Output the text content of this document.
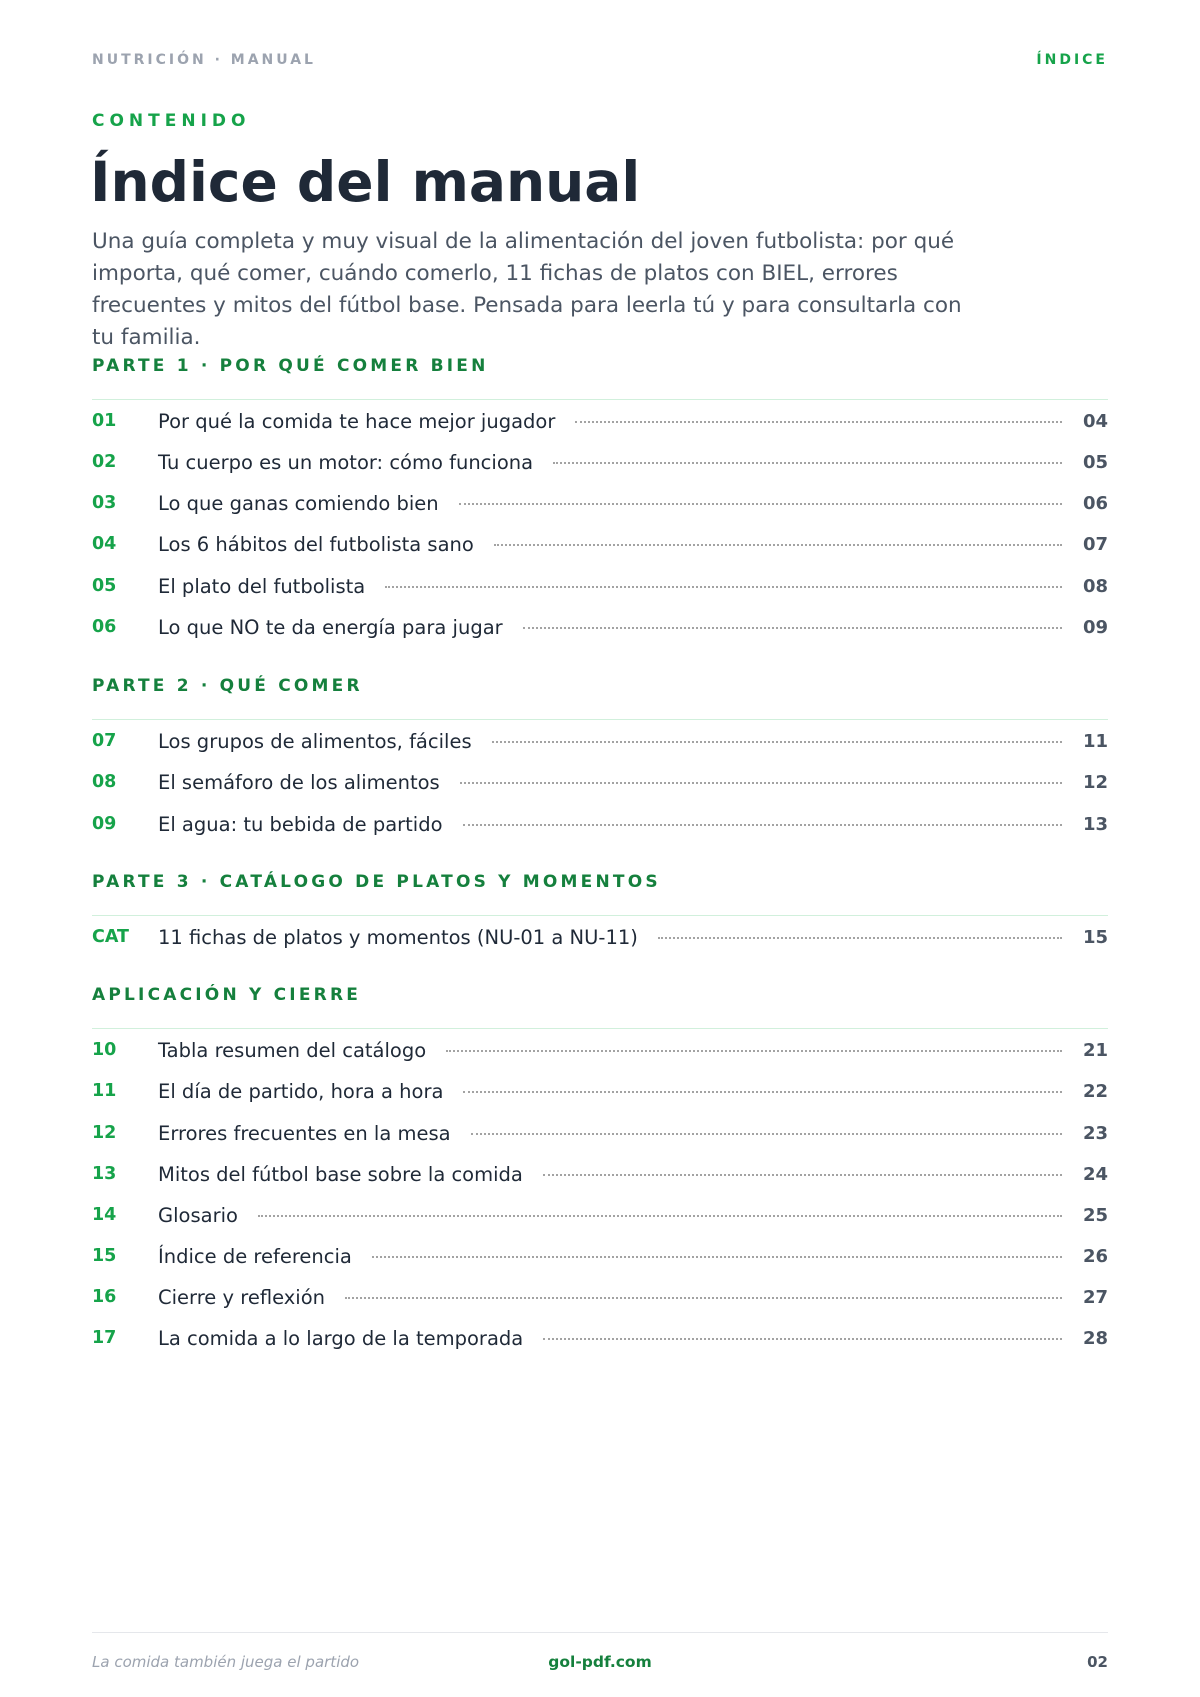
NUTRICIÓN · MANUAL	ÍNDICE
CONTENIDO
Índice del manual

Una guía completa y muy visual de la alimentación del joven futbolista: por qué importa, qué comer, cuándo comerlo, 11 fichas de platos con BIEL, errores frecuentes y mitos del fútbol base. Pensada para leerla tú y para consultarla con tu familia.

PARTE 1 · POR QUÉ COMER BIEN
01	Por qué la comida te hace mejor jugador	04
02	Tu cuerpo es un motor: cómo funciona	05
03	Lo que ganas comiendo bien	06
04	Los 6 hábitos del futbolista sano	07
05	El plato del futbolista	08
06	Lo que NO te da energía para jugar	09
PARTE 2 · QUÉ COMER
07	Los grupos de alimentos, fáciles	11
08	El semáforo de los alimentos	12
09	El agua: tu bebida de partido	13
PARTE 3 · CATÁLOGO DE PLATOS Y MOMENTOS
CAT	11 fichas de platos y momentos (NU-01 a NU-11)	15
APLICACIÓN Y CIERRE
10	Tabla resumen del catálogo	21
11	El día de partido, hora a hora	22
12	Errores frecuentes en la mesa	23
13	Mitos del fútbol base sobre la comida	24
14	Glosario	25
15	Índice de referencia	26
16	Cierre y reflexión	27
17	La comida a lo largo de la temporada	28
La comida también juega el partido	gol-pdf.com	02
